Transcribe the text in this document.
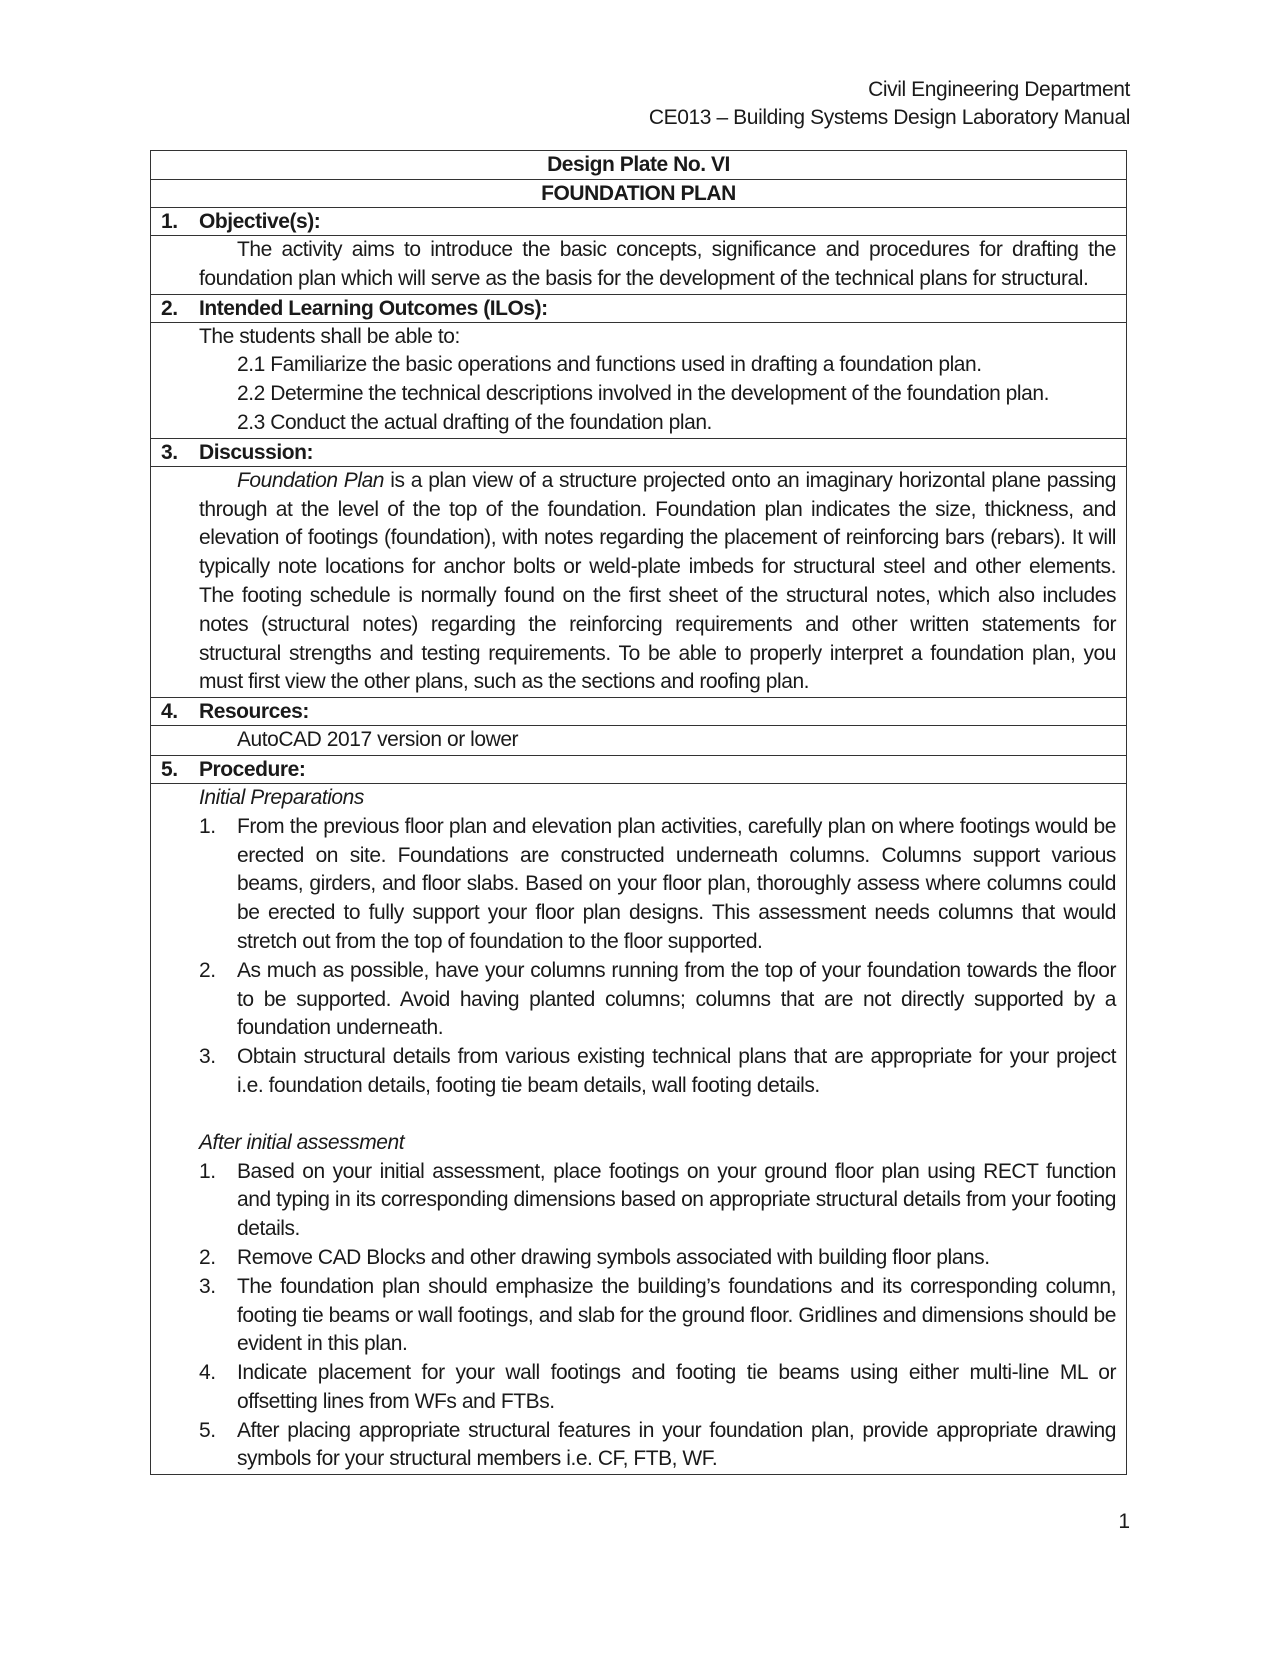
Civil Engineering Department
CE013 – Building Systems Design Laboratory Manual
Design Plate No. VI
FOUNDATION PLAN
1. Objective(s):
The activity aims to introduce the basic concepts, significance and procedures for drafting the foundation plan which will serve as the basis for the development of the technical plans for structural.
2. Intended Learning Outcomes (ILOs):
The students shall be able to:
2.1 Familiarize the basic operations and functions used in drafting a foundation plan.
2.2 Determine the technical descriptions involved in the development of the foundation plan.
2.3 Conduct the actual drafting of the foundation plan.
3. Discussion:
Foundation Plan is a plan view of a structure projected onto an imaginary horizontal plane passing through at the level of the top of the foundation. Foundation plan indicates the size, thickness, and elevation of footings (foundation), with notes regarding the placement of reinforcing bars (rebars). It will typically note locations for anchor bolts or weld-plate imbeds for structural steel and other elements. The footing schedule is normally found on the first sheet of the structural notes, which also includes notes (structural notes) regarding the reinforcing requirements and other written statements for structural strengths and testing requirements. To be able to properly interpret a foundation plan, you must first view the other plans, such as the sections and roofing plan.
4. Resources:
AutoCAD 2017 version or lower
5. Procedure:
Initial Preparations
1.	From the previous floor plan and elevation plan activities, carefully plan on where footings would be erected on site. Foundations are constructed underneath columns. Columns support various beams, girders, and floor slabs. Based on your floor plan, thoroughly assess where columns could be erected to fully support your floor plan designs. This assessment needs columns that would stretch out from the top of foundation to the floor supported.
2.	As much as possible, have your columns running from the top of your foundation towards the floor to be supported. Avoid having planted columns; columns that are not directly supported by a foundation underneath.
3.	Obtain structural details from various existing technical plans that are appropriate for your project i.e. foundation details, footing tie beam details, wall footing details.
After initial assessment
1.	Based on your initial assessment, place footings on your ground floor plan using RECT function and typing in its corresponding dimensions based on appropriate structural details from your footing details.
2.	Remove CAD Blocks and other drawing symbols associated with building floor plans.
3.	The foundation plan should emphasize the building’s foundations and its corresponding column, footing tie beams or wall footings, and slab for the ground floor. Gridlines and dimensions should be evident in this plan.
4.	Indicate placement for your wall footings and footing tie beams using either multi-line ML or offsetting lines from WFs and FTBs.
5.	After placing appropriate structural features in your foundation plan, provide appropriate drawing symbols for your structural members i.e. CF, FTB, WF.
1
